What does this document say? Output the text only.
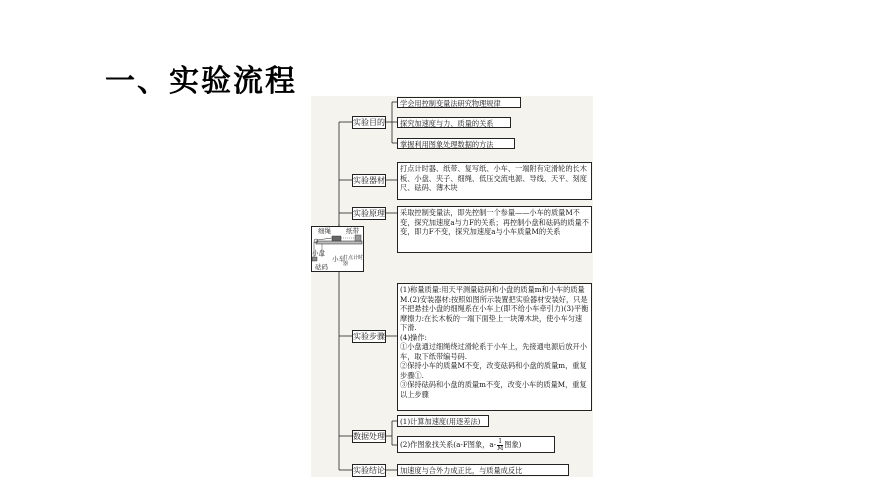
一、实验流程
实验目的
实验器材
实验原理
实验步骤
数据处理
实验结论
学会用控制变量法研究物理规律
探究加速度与力、质量的关系
掌握利用图象处理数据的方法
打点计时器、纸带、复写纸、小车、一端附有定滑轮的长木板、小盘、夹子、细绳、低压交流电源、导线、天平、刻度尺、砝码、薄木块
采取控制变量法，即先控制一个参量——小车的质量M不变，探究加速度a与力F的关系；再控制小盘和砝码的质量不变，即力F不变，探究加速度a与小车质量M的关系
细绳 纸带
小盘
小车
砝码
打点计时器
(1)称量质量:用天平测量砝码和小盘的质量m和小车的质量M.(2)安装器材:按照如图所示装置把实验器材安装好，只是不把悬挂小盘的细绳系在小车上(即不给小车牵引力)(3)平衡摩擦力:在长木板的一端下面垫上一块薄木块，使小车匀速下滑.
(4)操作:
①小盘通过细绳绕过滑轮系于小车上，先接通电源后放开小车，取下纸带编号码.
②保持小车的质量M不变，改变砝码和小盘的质量m，重复步骤①.
③保持砝码和小盘的质量m不变，改变小车的质量M，重复以上步骤
(1)计算加速度(用逐差法)
(2)作图象找关系(a-F图象，$a- \frac{1}{M}$ 图象)
加速度与合外力成正比，与质量成反比
